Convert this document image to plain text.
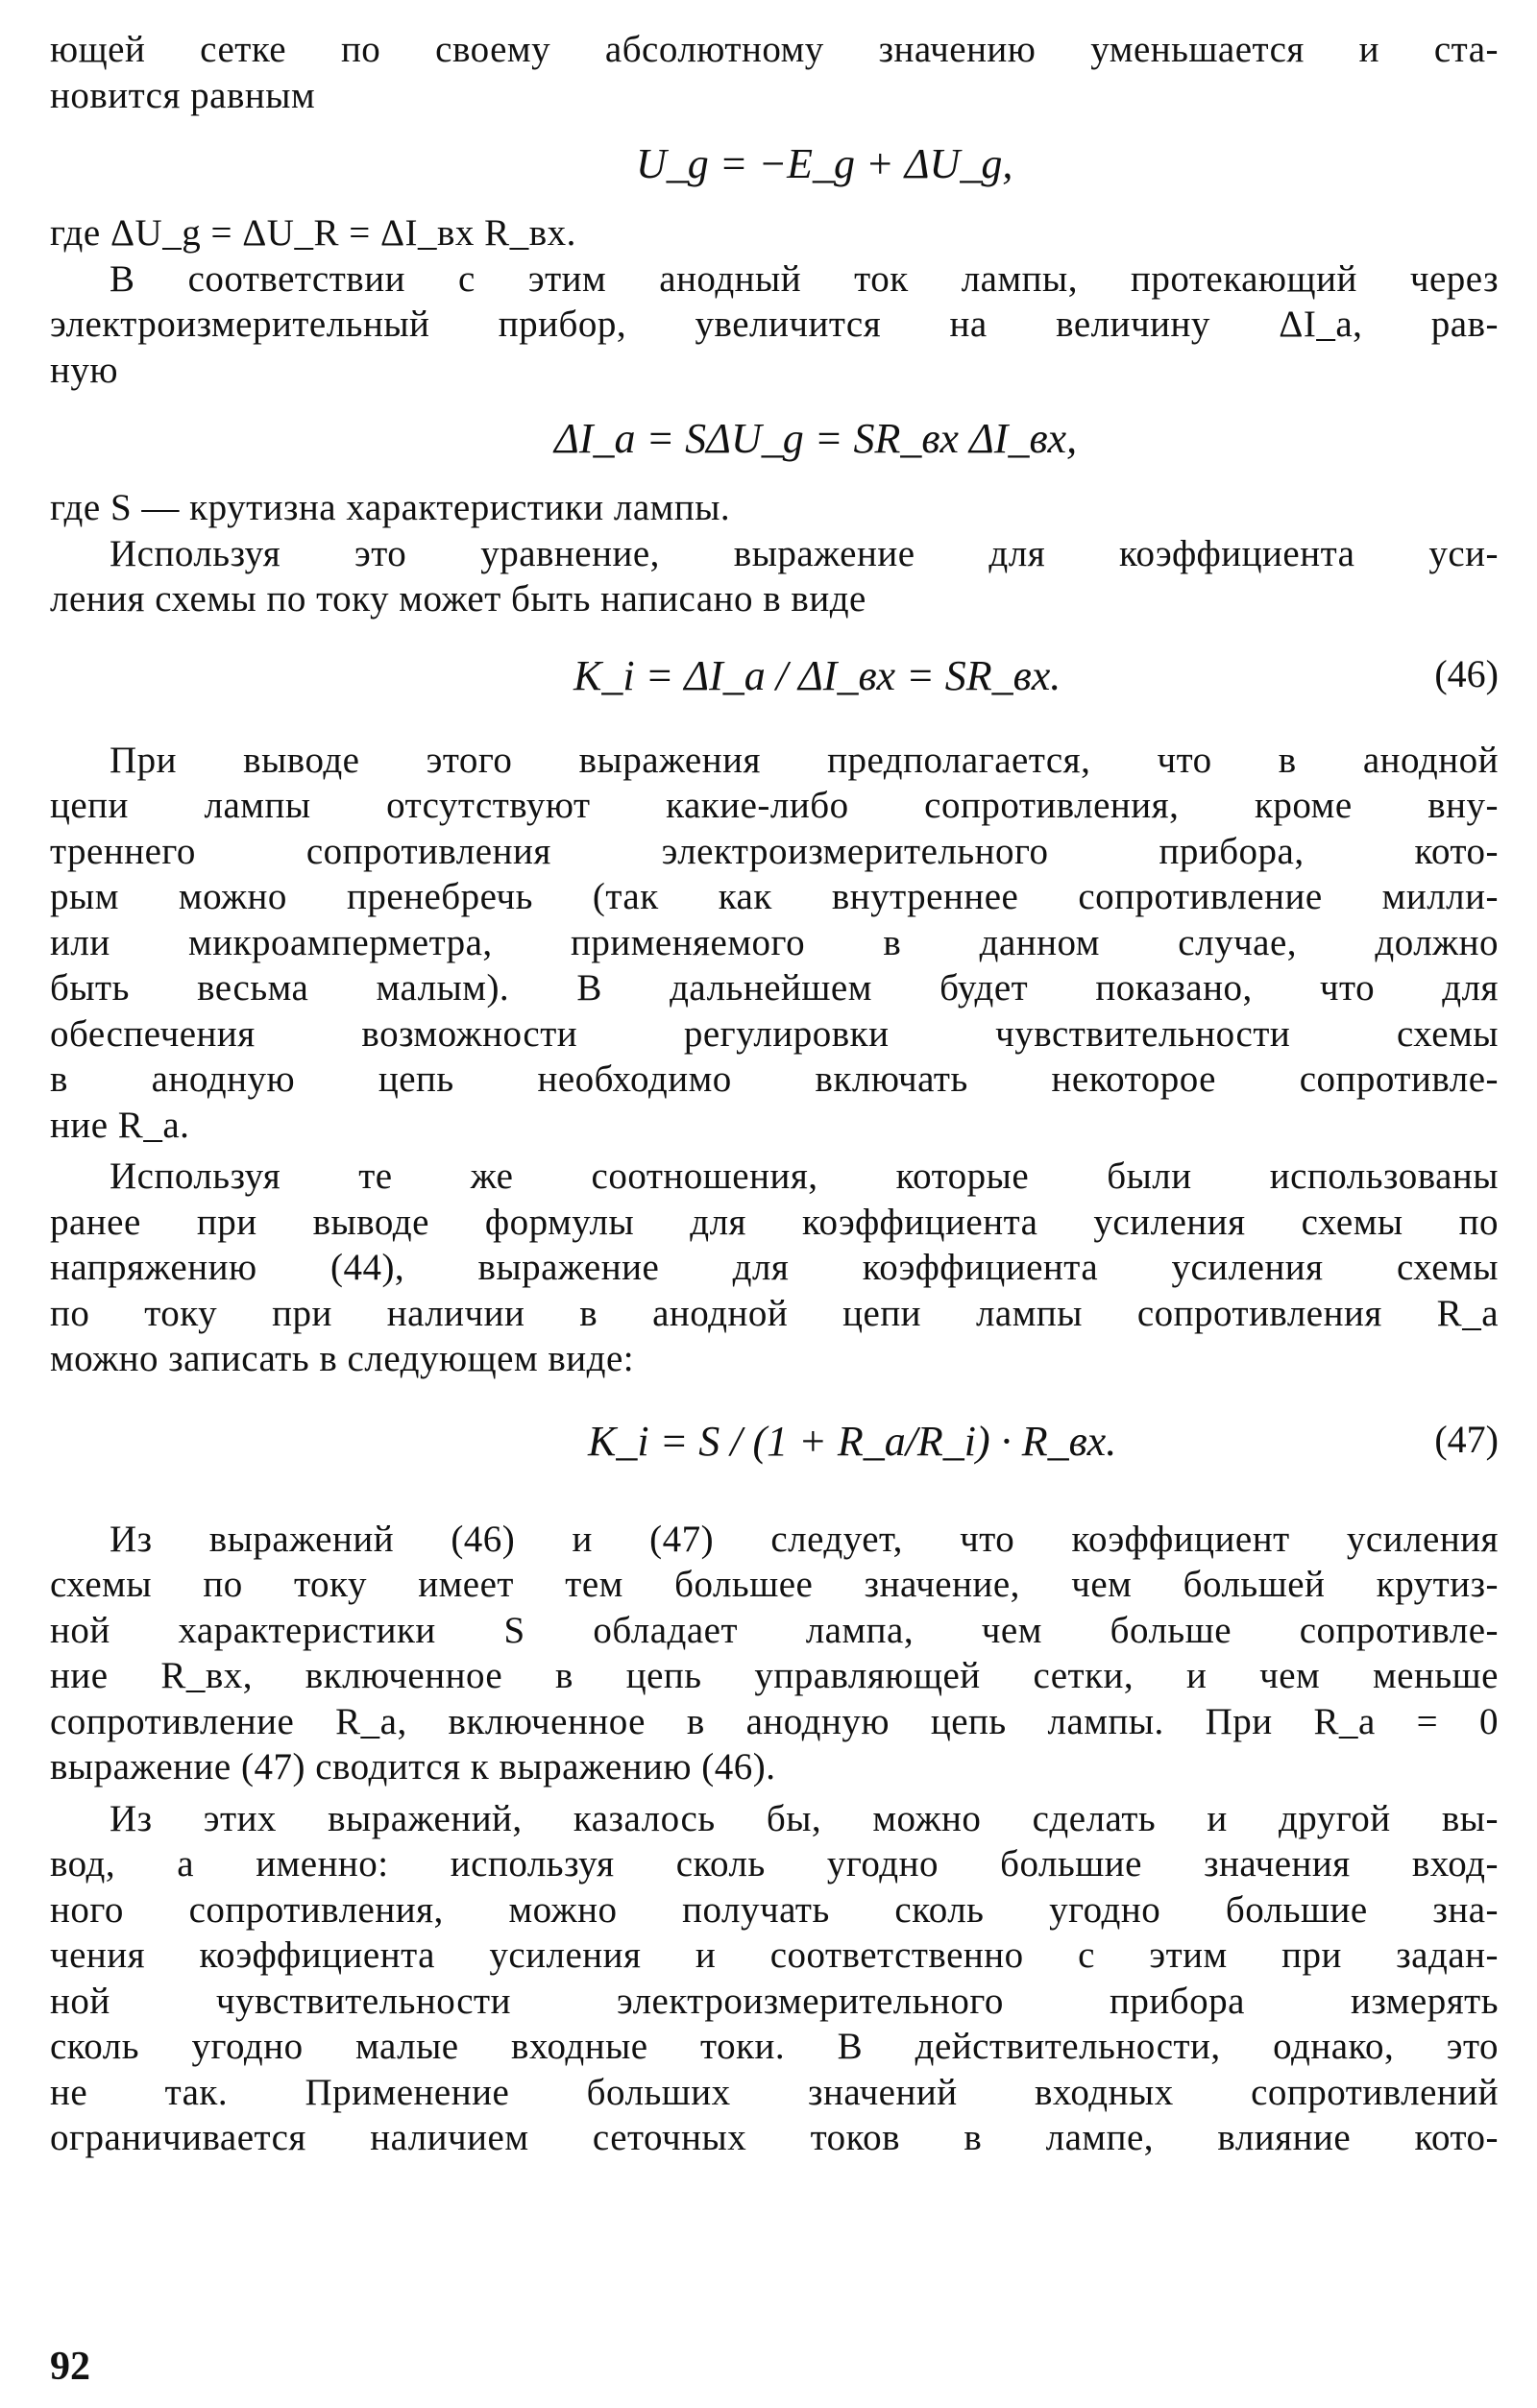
ющей сетке по своему абсолютному значению уменьшается и ста-
новится равным
U_g = −E_g + ΔU_g,
где ΔU_g = ΔU_R = ΔI_вх R_вх.
В соответствии с этим анодный ток лампы, протекающий через
электроизмерительный прибор, увеличится на величину ΔI_a, рав-
ную
ΔI_a = SΔU_g = SR_вх ΔI_вх,
где S — крутизна характеристики лампы.
Используя это уравнение, выражение для коэффициента уси-
ления схемы по току может быть написано в виде
K_i = ΔI_a / ΔI_вх = SR_вх.	(46)
При выводе этого выражения предполагается, что в анодной
цепи лампы отсутствуют какие-либо сопротивления, кроме вну-
треннего сопротивления электроизмерительного прибора, кото-
рым можно пренебречь (так как внутреннее сопротивление милли-
или микроамперметра, применяемого в данном случае, должно
быть весьма малым). В дальнейшем будет показано, что для
обеспечения возможности регулировки чувствительности схемы
в анодную цепь необходимо включать некоторое сопротивле-
ние R_a.
Используя те же соотношения, которые были использованы
ранее при выводе формулы для коэффициента усиления схемы по
напряжению (44), выражение для коэффициента усиления схемы
по току при наличии в анодной цепи лампы сопротивления R_a
можно записать в следующем виде:
K_i = S / (1 + R_a/R_i) · R_вх.	(47)
Из выражений (46) и (47) следует, что коэффициент усиления
схемы по току имеет тем большее значение, чем большей крутиз-
ной характеристики S обладает лампа, чем больше сопротивле-
ние R_вх, включенное в цепь управляющей сетки, и чем меньше
сопротивление R_a, включенное в анодную цепь лампы. При R_a = 0
выражение (47) сводится к выражению (46).
Из этих выражений, казалось бы, можно сделать и другой вы-
вод, а именно: используя сколь угодно большие значения вход-
ного сопротивления, можно получать сколь угодно большие зна-
чения коэффициента усиления и соответственно с этим при задан-
ной чувствительности электроизмерительного прибора измерять
сколь угодно малые входные токи. В действительности, однако, это
не так. Применение больших значений входных сопротивлений
ограничивается наличием сеточных токов в лампе, влияние кото-
92
